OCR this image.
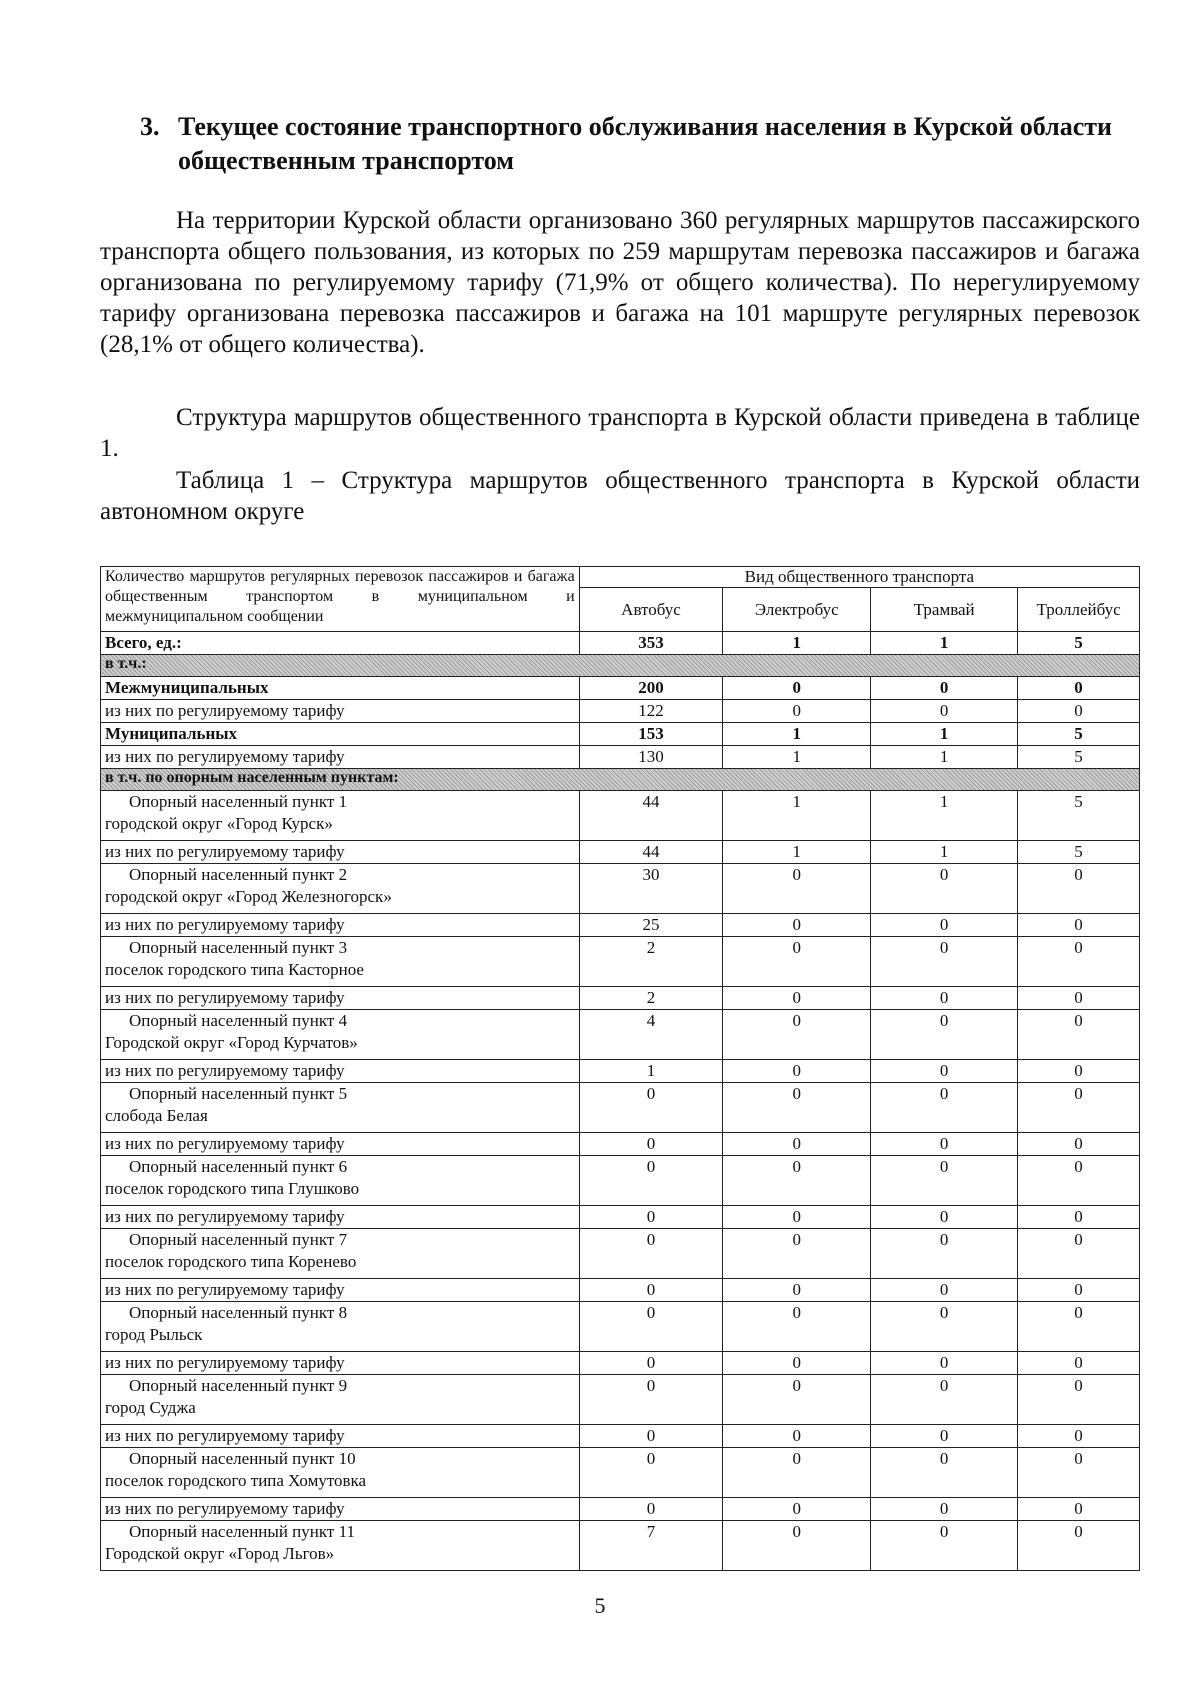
3. Текущее состояние транспортного обслуживания населения в Курской области общественным транспортом
На территории Курской области организовано 360 регулярных маршрутов пассажирского транспорта общего пользования, из которых по 259 маршрутам перевозка пассажиров и багажа организована по регулируемому тарифу (71,9% от общего количества). По нерегулируемому тарифу организована перевозка пассажиров и багажа на 101 маршруте регулярных перевозок (28,1% от общего количества).
Структура маршрутов общественного транспорта в Курской области приведена в таблице 1.
Таблица 1 – Структура маршрутов общественного транспорта в Курской области автономном округе
Количество маршрутов регулярных перевозок пассажиров и багажа общественным транспортом в муниципальном и межмуниципальном сообщении	Вид общественного транспорта			
	Автобус	Электробус	Трамвай	Троллейбус
Всего, ед.:	353	1	1	5
в т.ч.:				
Межмуниципальных	200	0	0	0
из них по регулируемому тарифу	122	0	0	0
Муниципальных	153	1	1	5
из них по регулируемому тарифу	130	1	1	5
в т.ч. по опорным населенным пунктам:				

Опорный населенный пункт 1
городской округ «Город Курск»	44	1	1	5
из них по регулируемому тарифу	44	1	1	5

Опорный населенный пункт 2
городской округ «Город Железногорск»	30	0	0	0
из них по регулируемому тарифу	25	0	0	0

Опорный населенный пункт 3
поселок городского типа Касторное	2	0	0	0
из них по регулируемому тарифу	2	0	0	0

Опорный населенный пункт 4
Городской округ «Город Курчатов»	4	0	0	0
из них по регулируемому тарифу	1	0	0	0

Опорный населенный пункт 5
слобода Белая	0	0	0	0
из них по регулируемому тарифу	0	0	0	0

Опорный населенный пункт 6
поселок городского типа Глушково	0	0	0	0
из них по регулируемому тарифу	0	0	0	0

Опорный населенный пункт 7
поселок городского типа Кореневo	0	0	0	0
из них по регулируемому тарифу	0	0	0	0

Опорный населенный пункт 8
город Рыльск	0	0	0	0
из них по регулируемому тарифу	0	0	0	0

Опорный населенный пункт 9
город Суджа	0	0	0	0
из них по регулируемому тарифу	0	0	0	0

Опорный населенный пункт 10
поселок городского типа Хомутовка	0	0	0	0
из них по регулируемому тарифу	0	0	0	0

Опорный населенный пункт 11
Городской округ «Город Льгов»	7	0	0	0
5
